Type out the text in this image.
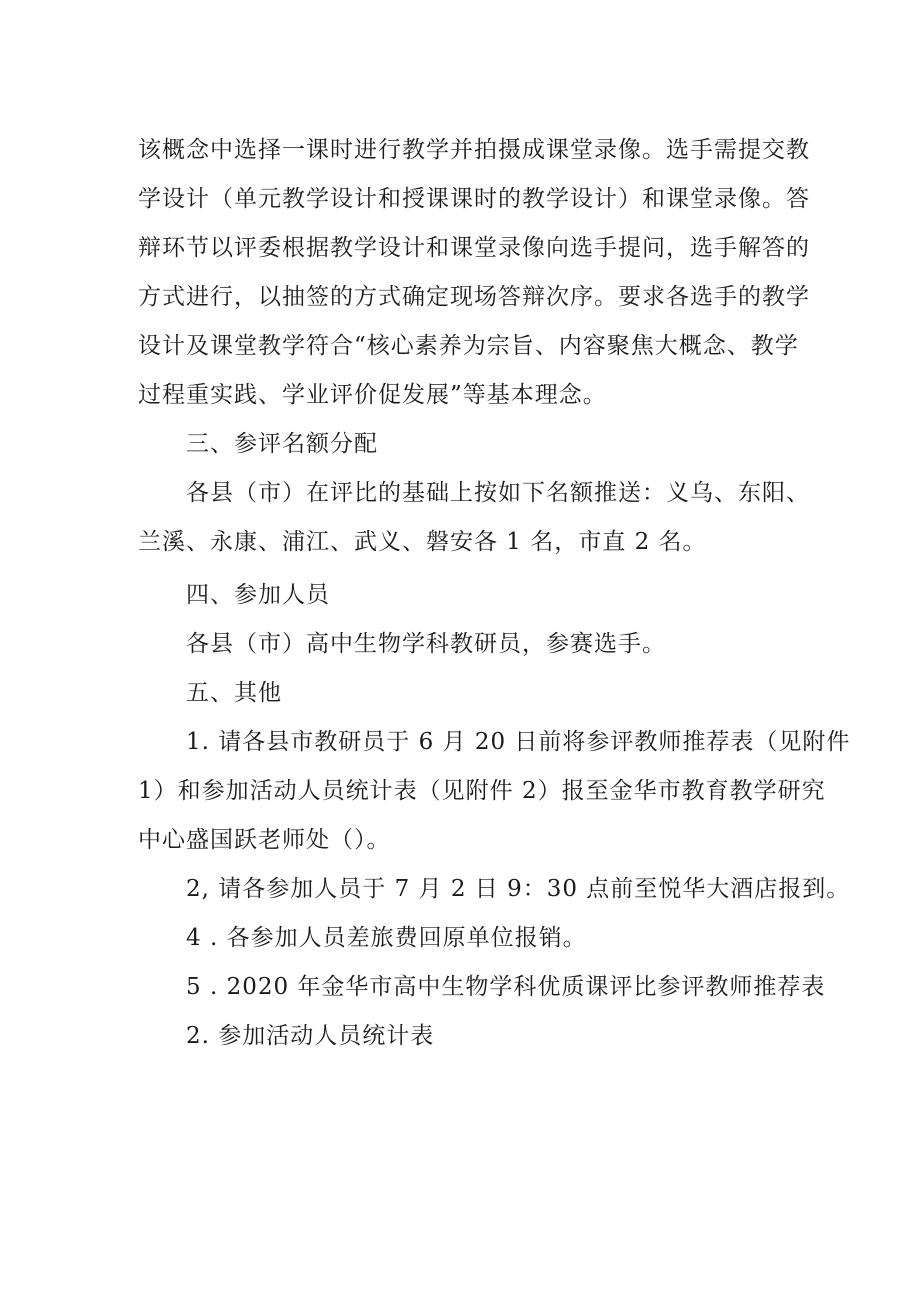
该概念中选择一课时进行教学并拍摄成课堂录像。选手需提交教
学设计（单元教学设计和授课课时的教学设计）和课堂录像。答
辩环节以评委根据教学设计和课堂录像向选手提问，选手解答的
方式进行，以抽签的方式确定现场答辩次序。要求各选手的教学
设计及课堂教学符合“核心素养为宗旨、内容聚焦大概念、教学
过程重实践、学业评价促发展”等基本理念。
三、参评名额分配
各县（市）在评比的基础上按如下名额推送：义乌、东阳、
兰溪、永康、浦江、武义、磐安各 1 名，市直 2 名。
四、参加人员
各县（市）高中生物学科教研员，参赛选手。
五、其他
1. 请各县市教研员于 6 月 20 日前将参评教师推荐表（见附件
1）和参加活动人员统计表（见附件 2）报至金华市教育教学研究
中心盛国跃老师处（）。
2, 请各参加人员于 7 月 2 日 9：30 点前至悦华大酒店报到。
4 . 各参加人员差旅费回原单位报销。
5 . 2020 年金华市高中生物学科优质课评比参评教师推荐表
2. 参加活动人员统计表
